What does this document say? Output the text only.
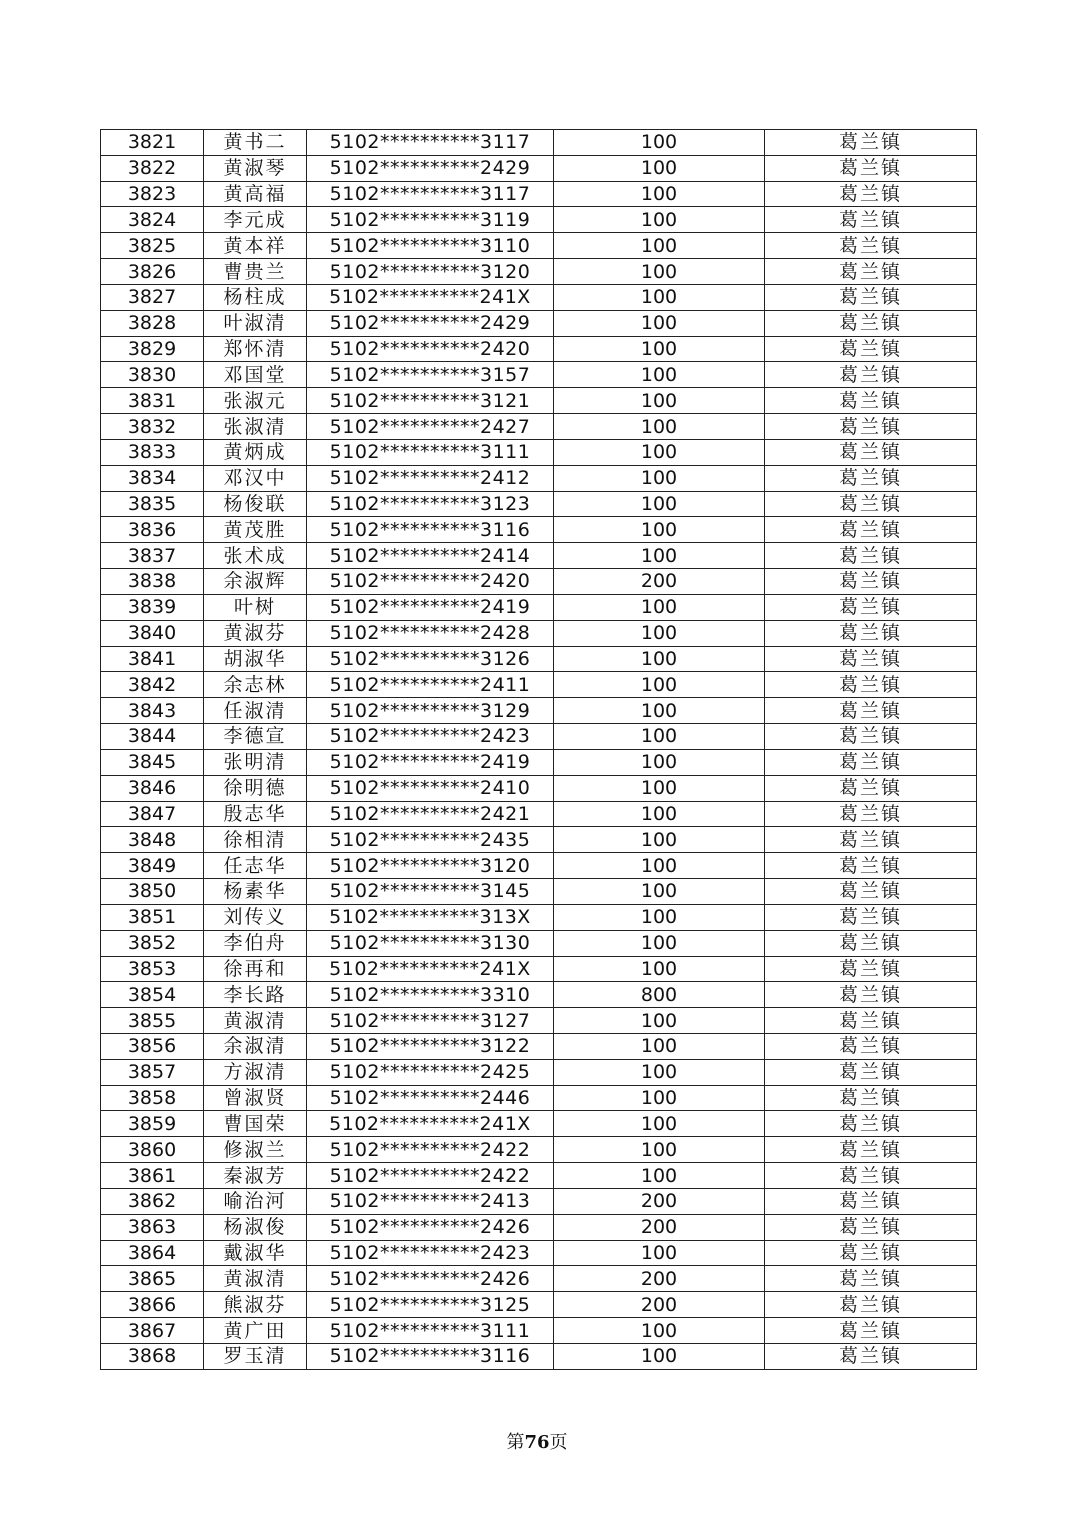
3821	黄书二	5102**********3117	100	葛兰镇
3822	黄淑琴	5102**********2429	100	葛兰镇
3823	黄高福	5102**********3117	100	葛兰镇
3824	李元成	5102**********3119	100	葛兰镇
3825	黄本祥	5102**********3110	100	葛兰镇
3826	曹贵兰	5102**********3120	100	葛兰镇
3827	杨柱成	5102**********241X	100	葛兰镇
3828	叶淑清	5102**********2429	100	葛兰镇
3829	郑怀清	5102**********2420	100	葛兰镇
3830	邓国堂	5102**********3157	100	葛兰镇
3831	张淑元	5102**********3121	100	葛兰镇
3832	张淑清	5102**********2427	100	葛兰镇
3833	黄炳成	5102**********3111	100	葛兰镇
3834	邓汉中	5102**********2412	100	葛兰镇
3835	杨俊联	5102**********3123	100	葛兰镇
3836	黄茂胜	5102**********3116	100	葛兰镇
3837	张术成	5102**********2414	100	葛兰镇
3838	余淑辉	5102**********2420	200	葛兰镇
3839	叶树	5102**********2419	100	葛兰镇
3840	黄淑芬	5102**********2428	100	葛兰镇
3841	胡淑华	5102**********3126	100	葛兰镇
3842	余志林	5102**********2411	100	葛兰镇
3843	任淑清	5102**********3129	100	葛兰镇
3844	李德宣	5102**********2423	100	葛兰镇
3845	张明清	5102**********2419	100	葛兰镇
3846	徐明德	5102**********2410	100	葛兰镇
3847	殷志华	5102**********2421	100	葛兰镇
3848	徐相清	5102**********2435	100	葛兰镇
3849	任志华	5102**********3120	100	葛兰镇
3850	杨素华	5102**********3145	100	葛兰镇
3851	刘传义	5102**********313X	100	葛兰镇
3852	李伯舟	5102**********3130	100	葛兰镇
3853	徐再和	5102**********241X	100	葛兰镇
3854	李长路	5102**********3310	800	葛兰镇
3855	黄淑清	5102**********3127	100	葛兰镇
3856	余淑清	5102**********3122	100	葛兰镇
3857	方淑清	5102**********2425	100	葛兰镇
3858	曾淑贤	5102**********2446	100	葛兰镇
3859	曹国荣	5102**********241X	100	葛兰镇
3860	修淑兰	5102**********2422	100	葛兰镇
3861	秦淑芳	5102**********2422	100	葛兰镇
3862	喻治河	5102**********2413	200	葛兰镇
3863	杨淑俊	5102**********2426	200	葛兰镇
3864	戴淑华	5102**********2423	100	葛兰镇
3865	黄淑清	5102**********2426	200	葛兰镇
3866	熊淑芬	5102**********3125	200	葛兰镇
3867	黄广田	5102**********3111	100	葛兰镇
3868	罗玉清	5102**********3116	100	葛兰镇
第76页
